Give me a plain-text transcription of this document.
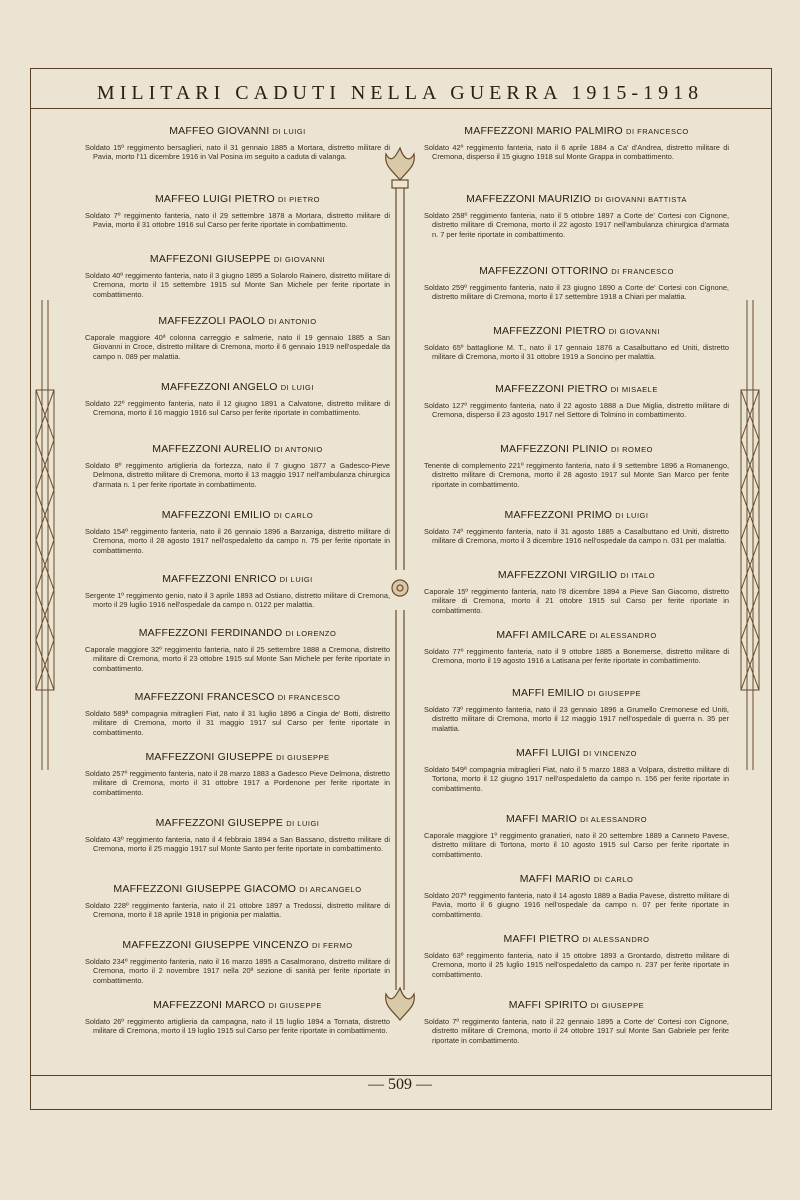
MILITARI CADUTI NELLA GUERRA 1915-1918
MAFFEO GIOVANNI DI LUIGI
Soldato 15º reggimento bersaglieri, nato il 31 gennaio 1885 a Mortara, distretto militare di Pavia, morto l'11 dicembre 1916 in Val Posina im seguito a caduta di valanga.
MAFFEO LUIGI PIETRO DI PIETRO
Soldato 7º reggimento fanteria, nato il 29 settembre 1878 a Mortara, distretto militare di Pavia, morto il 31 ottobre 1916 sul Carso per ferite riportate in combattimento.
MAFFEZONI GIUSEPPE DI GIOVANNI
Soldato 40º reggimento fanteria, nato il 3 giugno 1895 a Solarolo Rainero, distretto militare di Cremona, morto il 15 settembre 1915 sul Monte San Michele per ferite riportate in combattimento.
MAFFEZZOLI PAOLO DI ANTONIO
Caporale maggiore 40ª colonna carreggio e salmerie, nato il 19 gennaio 1885 a San Giovanni in Croce, distretto militare di Cremona, morto il 6 gennaio 1919 nell'ospedale da campo n. 089 per malattia.
MAFFEZZONI ANGELO DI LUIGI
Soldato 22º reggimento fanteria, nato il 12 giugno 1891 a Calvatone, distretto militare di Cremona, morto il 16 maggio 1916 sul Carso per ferite riportate in combattimento.
MAFFEZZONI AURELIO DI ANTONIO
Soldato 8º reggimento artiglieria da fortezza, nato il 7 giugno 1877 a Gadesco-Pieve Delmona, distretto militare di Cremona, morto il 13 maggio 1917 nell'ambulanza chirurgica d'armata n. 1 per ferite riportate in combattimento.
MAFFEZZONI EMILIO DI CARLO
Soldato 154º reggimento fanteria, nato il 26 gennaio 1896 a Barzaniga, distretto militare di Cremona, morto il 28 agosto 1917 nell'ospedaletto da campo n. 75 per ferite riportate in combattimento.
MAFFEZZONI ENRICO DI LUIGI
Sergente 1º reggimento genio, nato il 3 aprile 1893 ad Ostiano, distretto militare di Cremona, morto il 29 luglio 1916 nell'ospedale da campo n. 0122 per malattia.
MAFFEZZONI FERDINANDO DI LORENZO
Caporale maggiore 32º reggimento fanteria, nato il 25 settembre 1888 a Cremona, distretto militare di Cremona, morto il 23 ottobre 1915 sul Monte San Michele per ferite riportate in combattimento.
MAFFEZZONI FRANCESCO DI FRANCESCO
Soldato 589ª compagnia mitraglieri Fiat, nato il 31 luglio 1896 a Cingia de' Botti, distretto militare di Cremona, morto il 31 maggio 1917 sul Carso per ferite riportate in combattimento.
MAFFEZZONI GIUSEPPE DI GIUSEPPE
Soldato 257º reggimento fanteria, nato il 28 marzo 1883 a Gadesco Pieve Delmona, distretto militare di Cremona, morto il 31 ottobre 1917 a Pordenone per ferite riportate in combattimento.
MAFFEZZONI GIUSEPPE DI LUIGI
Soldato 43º reggimento fanteria, nato il 4 febbraio 1894 a San Bassano, distretto militare di Cremona, morto il 25 maggio 1917 sul Monte Santo per ferite riportate in combattimento.
MAFFEZZONI GIUSEPPE GIACOMO DI ARCANGELO
Soldato 228º reggimento fanteria, nato il 21 ottobre 1897 a Tredossi, distretto militare di Cremona, morto il 18 aprile 1918 in prigionia per malattia.
MAFFEZZONI GIUSEPPE VINCENZO DI FERMO
Soldato 234º reggimento fanteria, nato il 16 marzo 1895 a Casalmorano, distretto militare di Cremona, morto il 2 novembre 1917 nella 20ª sezione di sanità per ferite riportate in combattimento.
MAFFEZZONI MARCO DI GIUSEPPE
Soldato 26º reggimento artiglieria da campagna, nato il 15 luglio 1894 a Tornata, distretto militare di Cremona, morto il 19 luglio 1915 sul Carso per ferite riportate in combattimento.
MAFFEZZONI MARIO PALMIRO DI FRANCESCO
Soldato 42º reggimento fanteria, nato il 6 aprile 1884 a Ca' d'Andrea, distretto militare di Cremona, disperso il 15 giugno 1918 sul Monte Grappa in combattimento.
MAFFEZZONI MAURIZIO DI GIOVANNI BATTISTA
Soldato 258º reggimento fanteria, nato il 5 ottobre 1897 a Corte de' Cortesi con Cignone, distretto militare di Cremona, morto il 22 agosto 1917 nell'ambulanza chirurgica d'armata n. 7 per ferite riportate in combattimento.
MAFFEZZONI OTTORINO DI FRANCESCO
Soldato 259º reggimento fanteria, nato il 23 giugno 1890 a Corte de' Cortesi con Cignone, distretto militare di Cremona, morto il 17 settembre 1918 a Chiari per malattia.
MAFFEZZONI PIETRO DI GIOVANNI
Soldato 65º battaglione M. T., nato il 17 gennaio 1876 a Casalbuttano ed Uniti, distretto militare di Cremona, morto il 31 ottobre 1919 a Soncino per malattia.
MAFFEZZONI PIETRO DI MISAELE
Soldato 127º reggimento fanteria, nato il 22 agosto 1888 a Due Miglia, distretto militare di Cremona, disperso il 23 agosto 1917 nel Settore di Tolmino in combattimento.
MAFFEZZONI PLINIO DI ROMEO
Tenente di complemento 221º reggimento fanteria, nato il 9 settembre 1896 a Romanengo, distretto militare di Cremona, morto il 28 agosto 1917 sul Monte San Marco per ferite riportate in combattimento.
MAFFEZZONI PRIMO DI LUIGI
Soldato 74º reggimento fanteria, nato il 31 agosto 1885 a Casalbuttano ed Uniti, distretto militare di Cremona, morto il 3 dicembre 1916 nell'ospedale da campo n. 031 per malattia.
MAFFEZZONI VIRGILIO DI ITALO
Caporale 15º reggimento fanteria, nato l'8 dicembre 1894 a Pieve San Giacomo, distretto militare di Cremona, morto il 21 ottobre 1915 sul Carso per ferite riportate in combattimento.
MAFFI AMILCARE DI ALESSANDRO
Soldato 77º reggimento fanteria, nato il 9 ottobre 1885 a Bonemerse, distretto militare di Cremona, morto il 19 agosto 1916 a Latisana per ferite riportate in combattimento.
MAFFI EMILIO DI GIUSEPPE
Soldato 73º reggimento fanteria, nato il 23 gennaio 1896 a Grumello Cremonese ed Uniti, distretto militare di Cremona, morto il 12 maggio 1917 nell'ospedale di guerra n. 35 per malattia.
MAFFI LUIGI DI VINCENZO
Soldato 549ª compagnia mitraglieri Fiat, nato il 5 marzo 1883 a Volpara, distretto militare di Tortona, morto il 12 giugno 1917 nell'ospedaletto da campo n. 156 per ferite riportate in combattimento.
MAFFI MARIO DI ALESSANDRO
Caporale maggiore 1º reggimento granatieri, nato il 20 settembre 1889 a Canneto Pavese, distretto militare di Tortona, morto il 10 agosto 1915 sul Carso per ferite riportate in combattimento.
MAFFI MARIO DI CARLO
Soldato 207º reggimento fanteria, nato il 14 agosto 1889 a Badia Pavese, distretto militare di Pavia, morto il 6 giugno 1916 nell'ospedale da campo n. 07 per ferite riportate in combattimento.
MAFFI PIETRO DI ALESSANDRO
Soldato 63º reggimento fanteria, nato il 15 ottobre 1893 a Grontardo, distretto militare di Cremona, morto il 25 luglio 1915 nell'ospedaletto da campo n. 237 per ferite riportate in combattimento.
MAFFI SPIRITO DI GIUSEPPE
Soldato 7º reggimento fanteria, nato il 22 gennaio 1895 a Corte de' Cortesi con Cignone, distretto militare di Cremona, morto il 24 ottobre 1917 sul Monte San Gabriele per ferite riportate in combattimento.
— 509 —
